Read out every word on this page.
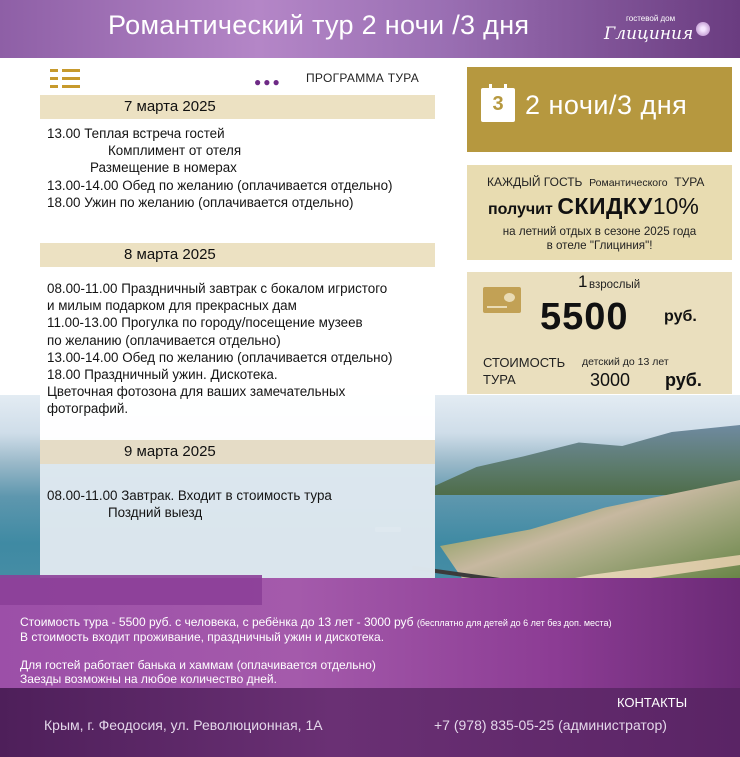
Романтический тур 2 ночи /3 дня	гостевой дом
Глициния
●●● ПРОГРАММА ТУРА
7 марта 2025
13.00 Теплая встреча гостей
Комплимент от отеля
Размещение в номерах
13.00-14.00 Обед по желанию (оплачивается отдельно)
18.00 Ужин по желанию (оплачивается отдельно)
8 марта 2025
08.00-11.00 Праздничный завтрак с бокалом игристого
и милым подарком для прекрасных дам
11.00-13.00 Прогулка по городу/посещение музеев
по желанию (оплачивается отдельно)
13.00-14.00 Обед по желанию (оплачивается отдельно)
18.00 Праздничный ужин. Дискотека.
Цветочная фотозона для ваших замечательных
фотографий.
9 марта 2025
08.00-11.00 Завтрак. Входит в стоимость тура
Поздний выезд
3 2 ночи/3 дня
КАЖДЫЙ ГОСТЬ Романтического ТУРА
получит СКИДКУ10%
на летний отдых в сезоне 2025 года
в отеле "Глициния"!
1 взрослый
5500 руб.
СТОИМОСТЬ
ТУРА
детский до 13 лет
3000 руб.
Стоимость тура - 5500 руб. с человека, с ребёнка до 13 лет - 3000 руб (бесплатно для детей до 6 лет без доп. места)
В стоимость входит проживание, праздничный ужин и дискотека.
Для гостей работает банька и хаммам (оплачивается отдельно)
Заезды возможны на любое количество дней.
КОНТАКТЫ
Крым, г. Феодосия, ул. Революционная, 1А	+7 (978) 835-05-25 (администратор)
